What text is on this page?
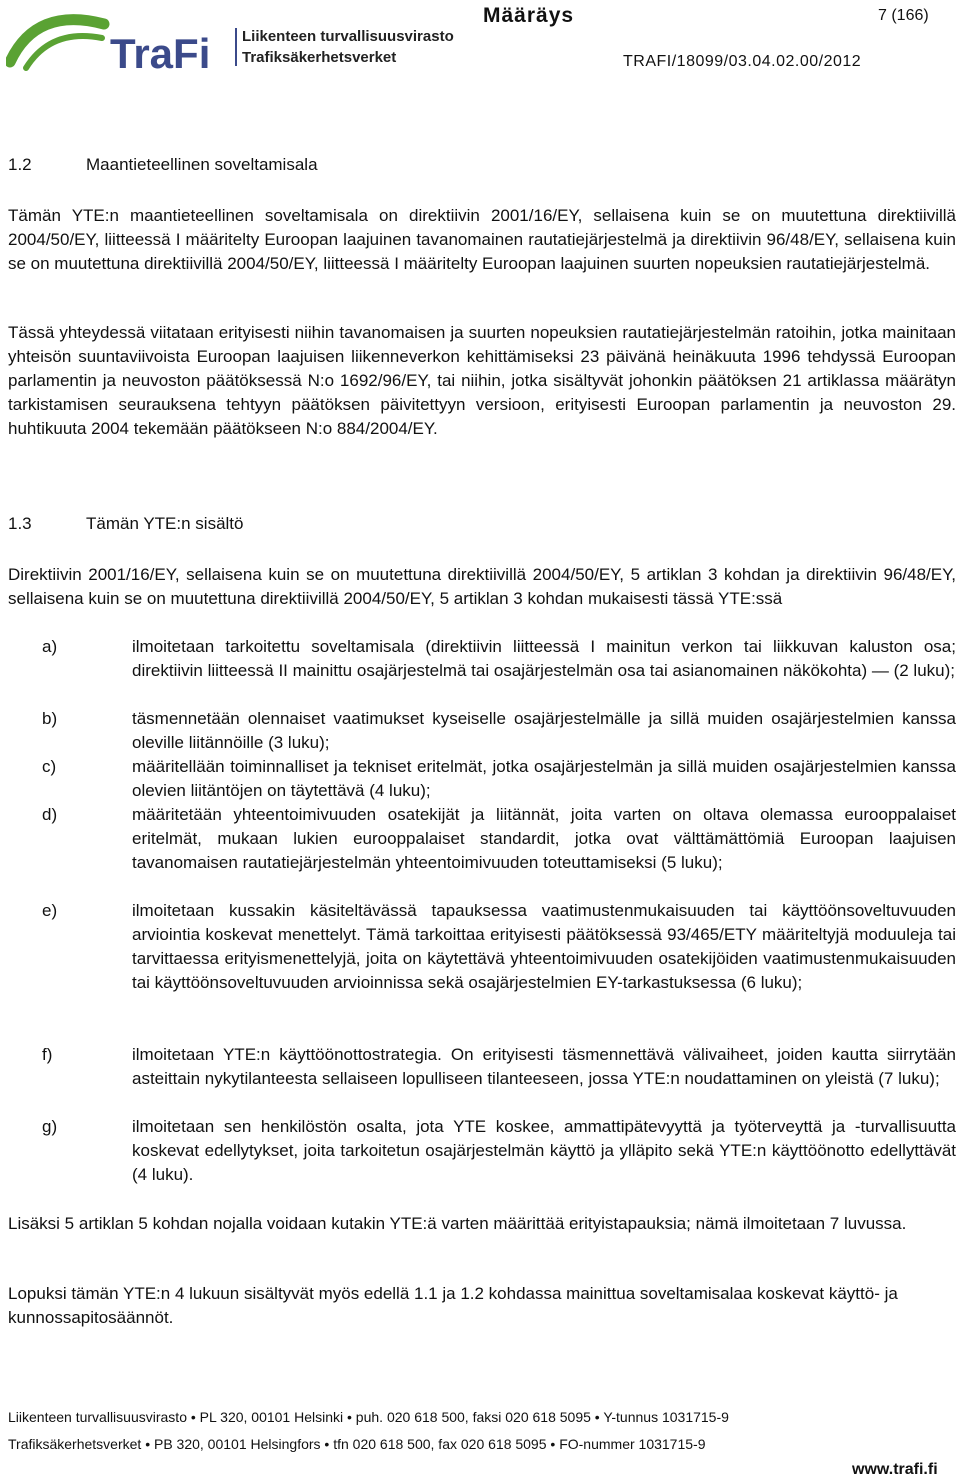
TraFi Liikenteen turvallisuusvirasto
Trafiksäkerhetsverket
Määräys	7 (166)
TRAFI/18099/03.04.02.00/2012
1.2	Maantieteellinen soveltamisala
Tämän YTE:n maantieteellinen soveltamisala on direktiivin 2001/16/EY, sellaisena kuin se on muutettuna direktiivillä 2004/50/EY, liitteessä I määritelty Euroopan laajuinen tavanomainen rautatiejärjestelmä ja direktiivin 96/48/EY, sellaisena kuin se on muutettuna direktiivillä 2004/50/EY, liitteessä I määritelty Euroopan laajuinen suurten nopeuksien rautatiejärjestelmä.
Tässä yhteydessä viitataan erityisesti niihin tavanomaisen ja suurten nopeuksien rautatiejärjestelmän ratoihin, jotka mainitaan yhteisön suuntaviivoista Euroopan laajuisen liikenneverkon kehittämiseksi 23 päivänä heinäkuuta 1996 tehdyssä Euroopan parlamentin ja neuvoston päätöksessä N:o 1692/96/EY, tai niihin, jotka sisältyvät johonkin päätöksen 21 artiklassa määrätyn tarkistamisen seurauksena tehtyyn päätöksen päivitettyyn versioon, erityisesti Euroopan parlamentin ja neuvoston 29. huhtikuuta 2004 tekemään päätökseen N:o 884/2004/EY.
1.3	Tämän YTE:n sisältö
Direktiivin 2001/16/EY, sellaisena kuin se on muutettuna direktiivillä 2004/50/EY, 5 artiklan 3 kohdan ja direktiivin 96/48/EY, sellaisena kuin se on muutettuna direktiivillä 2004/50/EY, 5 artiklan 3 kohdan mukaisesti tässä YTE:ssä
a)	ilmoitetaan tarkoitettu soveltamisala (direktiivin liitteessä I mainitun verkon tai liikkuvan kaluston osa; direktiivin liitteessä II mainittu osajärjestelmä tai osajärjestelmän osa tai asianomainen näkökohta) — (2 luku);
b)	täsmennetään olennaiset vaatimukset kyseiselle osajärjestelmälle ja sillä muiden osajärjestelmien kanssa oleville liitännöille (3 luku);
c)	määritellään toiminnalliset ja tekniset eritelmät, jotka osajärjestelmän ja sillä muiden osajärjestelmien kanssa olevien liitäntöjen on täytettävä (4 luku);
d)	määritetään yhteentoimivuuden osatekijät ja liitännät, joita varten on oltava olemassa eurooppalaiset eritelmät, mukaan lukien eurooppalaiset standardit, jotka ovat välttämättömiä Euroopan laajuisen tavanomaisen rautatiejärjestelmän yhteentoimivuuden toteuttamiseksi (5 luku);
e)	ilmoitetaan kussakin käsiteltävässä tapauksessa vaatimustenmukaisuuden tai käyttöönsoveltuvuuden arviointia koskevat menettelyt. Tämä tarkoittaa erityisesti päätöksessä 93/465/ETY määriteltyjä moduuleja tai tarvittaessa erityismenettelyjä, joita on käytettävä yhteentoimivuuden osatekijöiden vaatimustenmukaisuuden tai käyttöönsoveltuvuuden arvioinnissa sekä osajärjestelmien EY-tarkastuksessa (6 luku);
f)	ilmoitetaan YTE:n käyttöönottostrategia. On erityisesti täsmennettävä välivaiheet, joiden kautta siirrytään asteittain nykytilanteesta sellaiseen lopulliseen tilanteeseen, jossa YTE:n noudattaminen on yleistä (7 luku);
g)	ilmoitetaan sen henkilöstön osalta, jota YTE koskee, ammattipätevyyttä ja työterveyttä ja -turvallisuutta koskevat edellytykset, joita tarkoitetun osajärjestelmän käyttö ja ylläpito sekä YTE:n käyttöönotto edellyttävät (4 luku).
Lisäksi 5 artiklan 5 kohdan nojalla voidaan kutakin YTE:ä varten määrittää erityistapauksia; nämä ilmoitetaan 7 luvussa.
Lopuksi tämän YTE:n 4 lukuun sisältyvät myös edellä 1.1 ja 1.2 kohdassa mainittua soveltamisalaa koskevat käyttö- ja kunnossapitosäännöt.
Liikenteen turvallisuusvirasto • PL 320, 00101 Helsinki • puh. 020 618 500, faksi 020 618 5095 • Y-tunnus 1031715-9
Trafiksäkerhetsverket • PB 320, 00101 Helsingfors • tfn 020 618 500, fax 020 618 5095 • FO-nummer 1031715-9
www.trafi.fi
